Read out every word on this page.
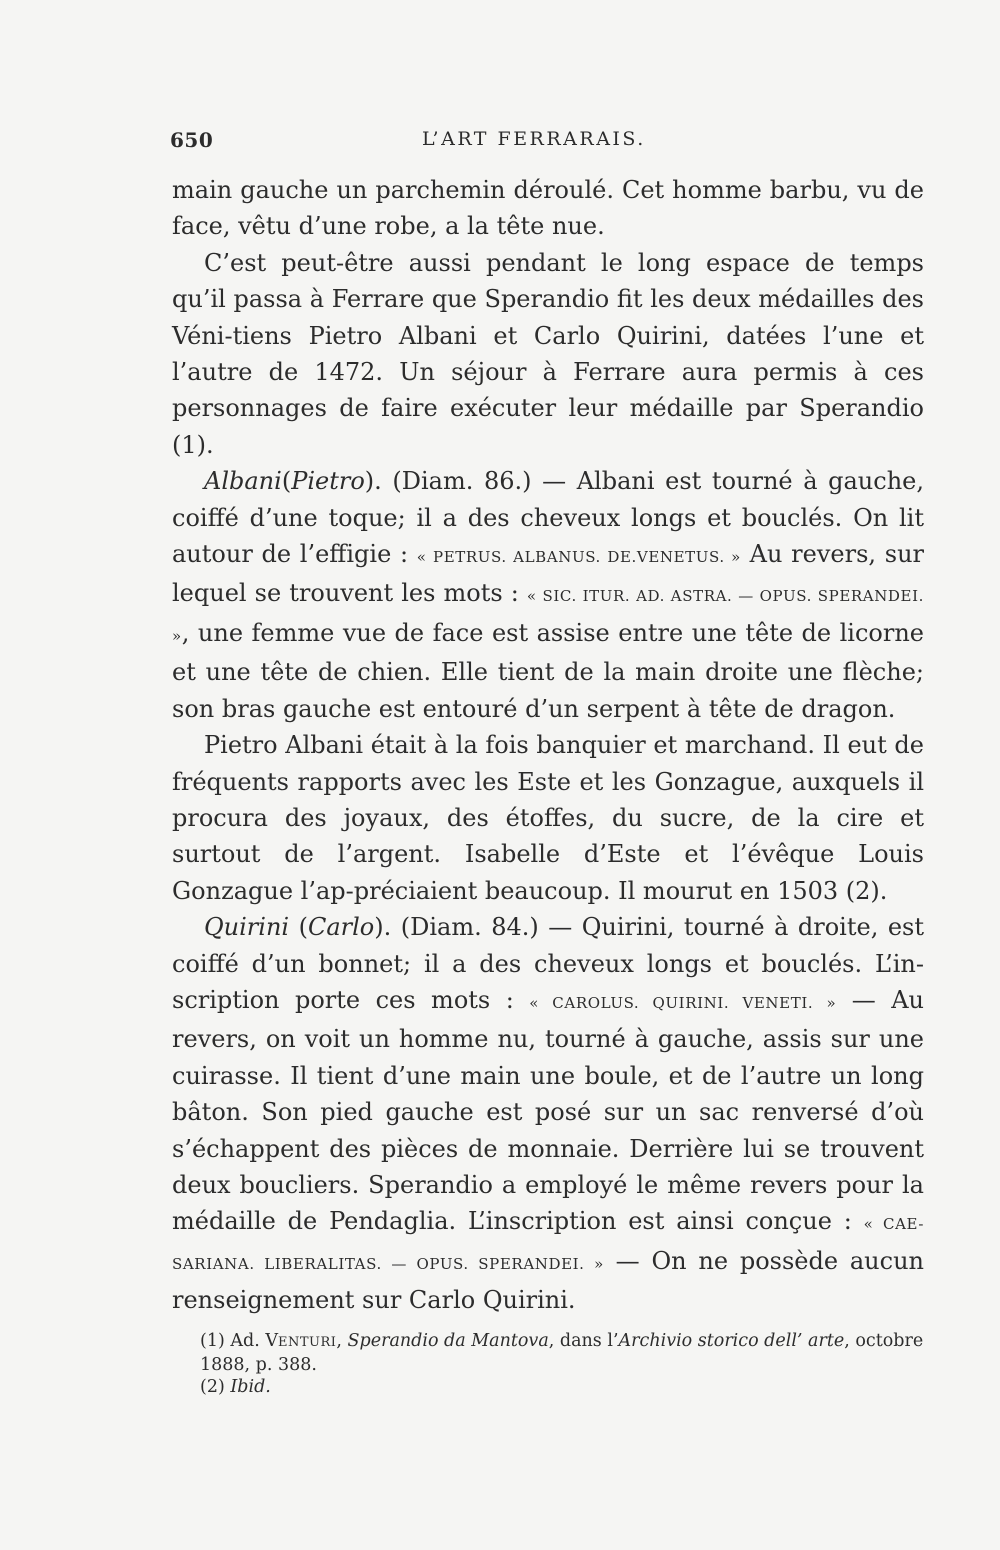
650	L’ART FERRARAIS.

main gauche un parchemin déroulé. Cet homme barbu, vu de face, vêtu d’une robe, a la tête nue.

C’est peut-être aussi pendant le long espace de temps qu’il passa à Ferrare que Sperandio fit les deux médailles des Véni-tiens Pietro Albani et Carlo Quirini, datées l’une et l’autre de 1472. Un séjour à Ferrare aura permis à ces personnages de faire exécuter leur médaille par Sperandio (1).

Albani(Pietro). (Diam. 86.) — Albani est tourné à gauche, coiffé d’une toque; il a des cheveux longs et bouclés. On lit autour de l’effigie : « PETRUS. ALBANUS. DE.VENETUS. » Au revers, sur lequel se trouvent les mots : « SIC. ITUR. AD. ASTRA. — OPUS. SPERANDEI. », une femme vue de face est assise entre une tête de licorne et une tête de chien. Elle tient de la main droite une flèche; son bras gauche est entouré d’un serpent à tête de dragon.

Pietro Albani était à la fois banquier et marchand. Il eut de fréquents rapports avec les Este et les Gonzague, auxquels il procura des joyaux, des étoffes, du sucre, de la cire et surtout de l’argent. Isabelle d’Este et l’évêque Louis Gonzague l’ap-préciaient beaucoup. Il mourut en 1503 (2).

Quirini (Carlo). (Diam. 84.) — Quirini, tourné à droite, est coiffé d’un bonnet; il a des cheveux longs et bouclés. L’in-scription porte ces mots : « CAROLUS. QUIRINI. VENETI. » — Au revers, on voit un homme nu, tourné à gauche, assis sur une cuirasse. Il tient d’une main une boule, et de l’autre un long bâton. Son pied gauche est posé sur un sac renversé d’où s’échappent des pièces de monnaie. Derrière lui se trouvent deux boucliers. Sperandio a employé le même revers pour la médaille de Pendaglia. L’inscription est ainsi conçue : « CAE-SARIANA. LIBERALITAS. — OPUS. SPERANDEI. » — On ne possède aucun renseignement sur Carlo Quirini.

(1) Ad. VENTURI, Sperandio da Mantova, dans l’Archivio storico dell’ arte, octobre 1888, p. 388.

(2) Ibid.
